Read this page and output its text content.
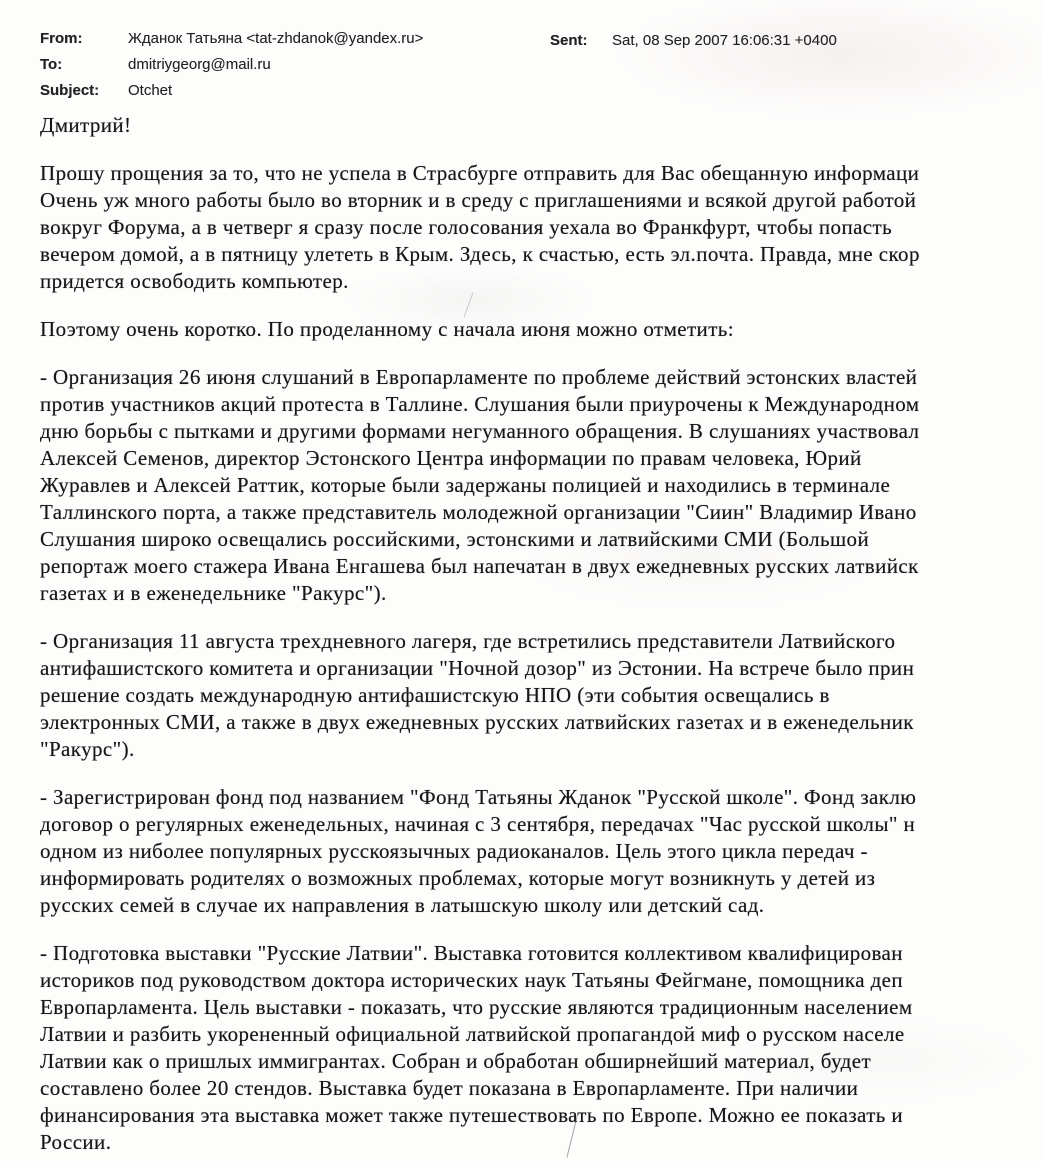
From:	Жданок Татьяна <tat-zhdanok@yandex.ru>
To:	dmitriygeorg@mail.ru
Subject:	Otchet
Sent:	Sat, 08 Sep 2007 16:06:31 +0400
Дмитрий!
Прошу прощения за то, что не успела в Страсбурге отправить для Вас обещанную информаци
Очень уж много работы было во вторник и в среду с приглашениями и всякой другой работой
вокруг Форума, а в четверг я сразу после голосования уехала во Франкфурт, чтобы попасть
вечером домой, а в пятницу улететь в Крым. Здесь, к счастью, есть эл.почта. Правда, мне скор
придется освободить компьютер.
Поэтому очень коротко. По проделанному с начала июня можно отметить:
- Организация 26 июня слушаний в Европарламенте по проблеме действий эстонских властей
против участников акций протеста в Таллине. Слушания были приурочены к Международном
дню борьбы с пытками и другими формами негуманного обращения. В слушаниях участвовал
Алексей Семенов, директор Эстонского Центра информации по правам человека, Юрий
Журавлев и Алексей Раттик, которые были задержаны полицией и находились в терминале
Таллинского порта, а также представитель молодежной организации "Сиин" Владимир Ивано
Слушания широко освещались российскими, эстонскими и латвийскими СМИ (Большой
репортаж моего стажера Ивана Енгашева был напечатан в двух ежедневных русских латвийск
газетах и в еженедельнике "Ракурс").
- Организация 11 августа трехдневного лагеря, где встретились представители Латвийского
антифашистского комитета и организации "Ночной дозор" из Эстонии. На встрече было прин
решение создать международную антифашистскую НПО (эти события освещались в
электронных СМИ, а также в двух ежедневных русских латвийских газетах и в еженедельник
"Ракурс").
- Зарегистрирован фонд под названием "Фонд Татьяны Жданок "Русской школе". Фонд заклю
договор о регулярных еженедельных, начиная с 3 сентября, передачах "Час русской школы" н
одном из ниболее популярных русскоязычных радиоканалов. Цель этого цикла передач -
информировать родителях о возможных проблемах, которые могут возникнуть у детей из
русских семей в случае их направления в латышскую школу или детский сад.
- Подготовка выставки "Русские Латвии". Выставка готовится коллективом квалифицирован
историков под руководством доктора исторических наук Татьяны Фейгмане, помощника деп
Европарламента. Цель выставки - показать, что русские являются традиционным населением
Латвии и разбить укорененный официальной латвийской пропагандой миф о русском населе
Латвии как о пришлых иммигрантах. Собран и обработан обширнейший материал, будет
составлено более 20 стендов. Выставка будет показана в Европарламенте. При наличии
финансирования эта выставка может также путешествовать по Европе. Можно ее показать и
России.
